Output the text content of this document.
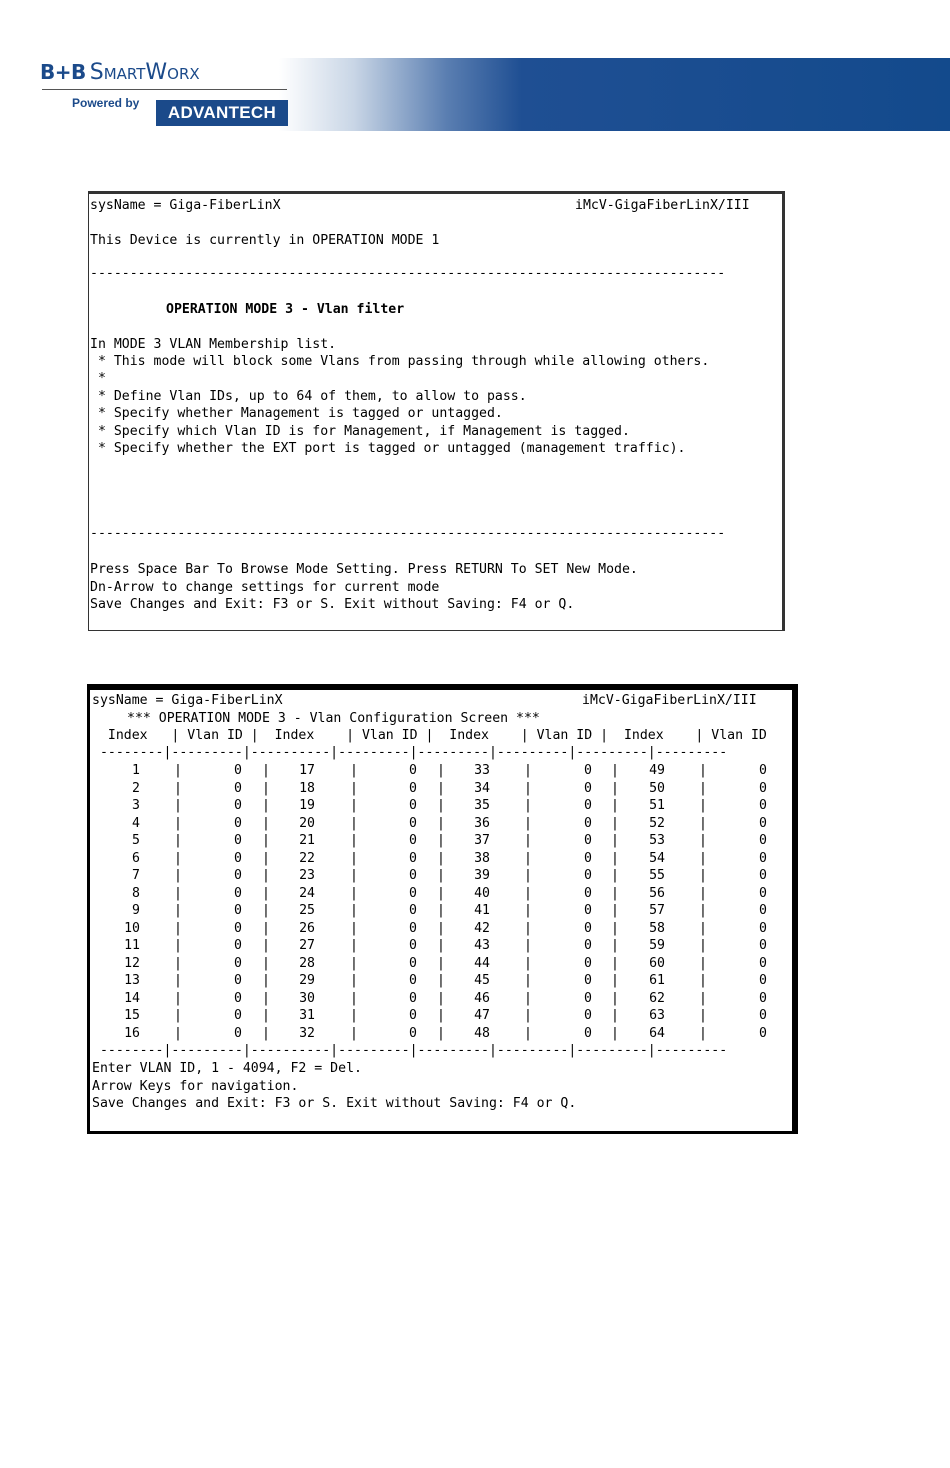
B+B SmartWorx
Powered by	ADVANTECH

sysName = Giga-FiberLinX

	iMcV-GigaFiberLinX/III

This Device is currently in OPERATION MODE 1

--------------------------------------------------------------------------------

OPERATION MODE 3 - Vlan filter

In MODE 3 VLAN Membership list.

* This mode will block some Vlans from passing through while allowing others.

*

* Define Vlan IDs, up to 64 of them, to allow to pass.

* Specify whether Management is tagged or untagged.

* Specify which Vlan ID is for Management, if Management is tagged.

* Specify whether the EXT port is tagged or untagged (management traffic).

--------------------------------------------------------------------------------

Press Space Bar To Browse Mode Setting. Press RETURN To SET New Mode.

Dn-Arrow to change settings for current mode

Save Changes and Exit: F3 or S. Exit without Saving: F4 or Q.

sysName = Giga-FiberLinX

	iMcV-GigaFiberLinX/III

*** OPERATION MODE 3 - Vlan Configuration Screen ***

Index   | Vlan ID |  Index    | Vlan ID |  Index    | Vlan ID |  Index    | Vlan ID

--------|---------|----------|---------|---------|---------|---------|---------

1	0	17	0	33	0	49	0
|	|	|	|	|	|	|
2	0	18	0	34	0	50	0
|	|	|	|	|	|	|
3	0	19	0	35	0	51	0
|	|	|	|	|	|	|
4	0	20	0	36	0	52	0
|	|	|	|	|	|	|
5	0	21	0	37	0	53	0
|	|	|	|	|	|	|
6	0	22	0	38	0	54	0
|	|	|	|	|	|	|
7	0	23	0	39	0	55	0
|	|	|	|	|	|	|
8	0	24	0	40	0	56	0
|	|	|	|	|	|	|
9	0	25	0	41	0	57	0
|	|	|	|	|	|	|
10	0	26	0	42	0	58	0
|	|	|	|	|	|	|
11	0	27	0	43	0	59	0
|	|	|	|	|	|	|
12	0	28	0	44	0	60	0
|	|	|	|	|	|	|
13	0	29	0	45	0	61	0
|	|	|	|	|	|	|
14	0	30	0	46	0	62	0
|	|	|	|	|	|	|
15	0	31	0	47	0	63	0
|	|	|	|	|	|	|
16	0	32	0	48	0	64	0
|	|	|	|	|	|	|

--------|---------|----------|---------|---------|---------|---------|---------

Enter VLAN ID, 1 - 4094, F2 = Del.

Arrow Keys for navigation.

Save Changes and Exit: F3 or S. Exit without Saving: F4 or Q.
